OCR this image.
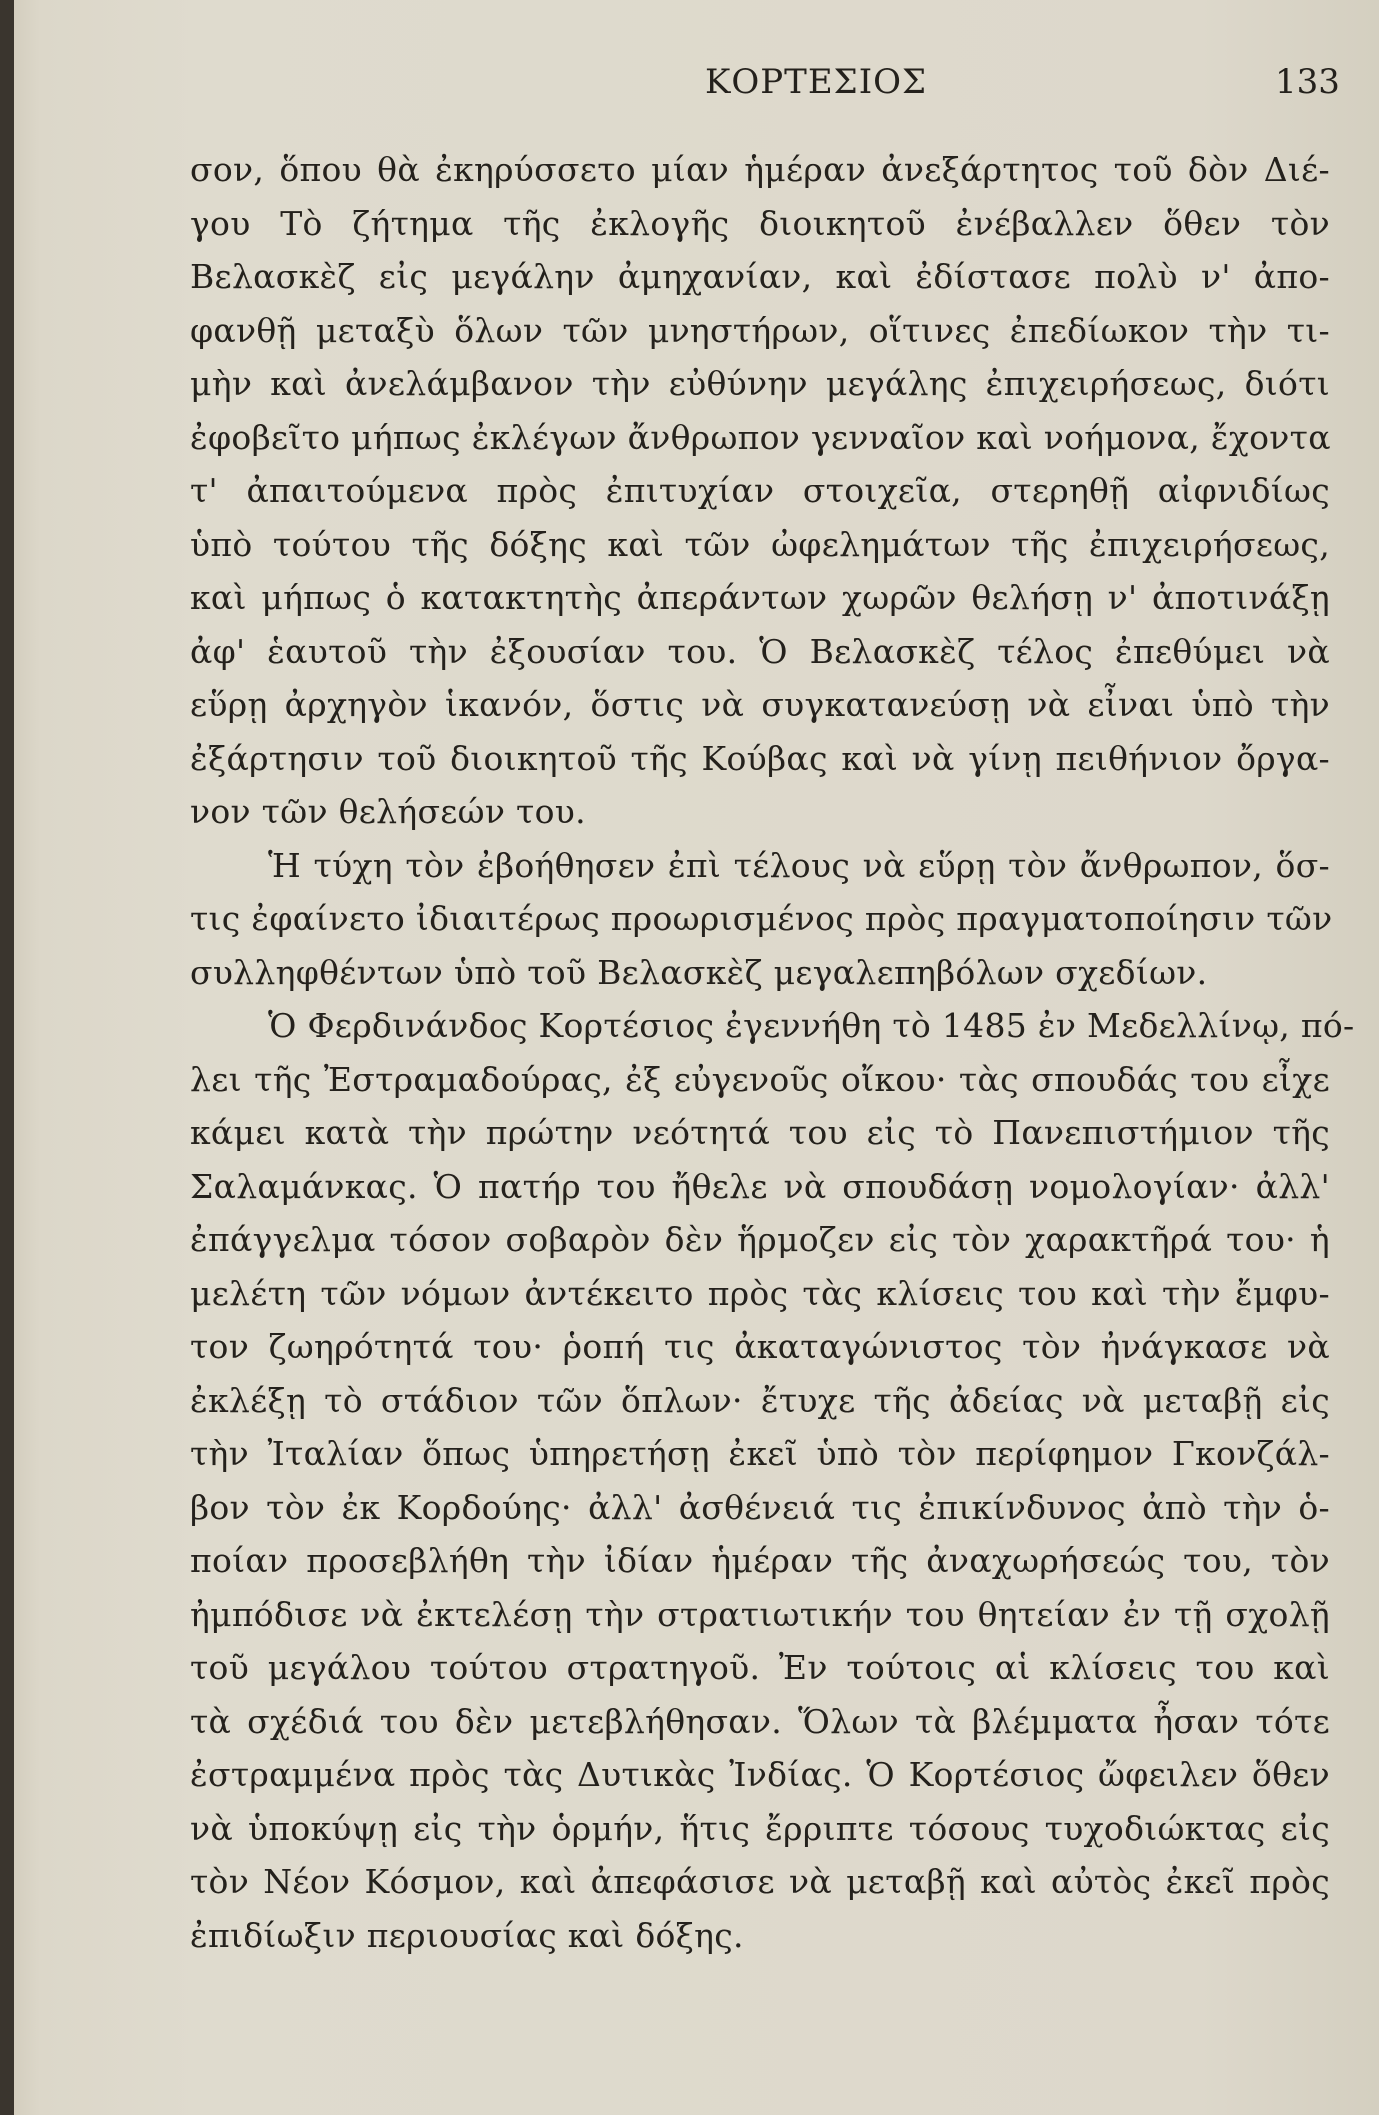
ΚΟΡΤΕΣΙΟΣ	133
σον, ὅπου θὰ ἐκηρύσσετο μίαν ἡμέραν ἀνεξάρτητος τοῦ δὸν Διέ-
γου Τὸ ζήτημα τῆς ἐκλογῆς διοικητοῦ ἐνέβαλλεν ὅθεν τὸν
Βελασκὲζ εἰς μεγάλην ἀμηχανίαν, καὶ ἐδίστασε πολὺ ν' ἀπο-
φανθῇ μεταξὺ ὅλων τῶν μνηστήρων, οἵτινες ἐπεδίωκον τὴν τι-
μὴν καὶ ἀνελάμβανον τὴν εὐθύνην μεγάλης ἐπιχειρήσεως, διότι
ἐφοβεῖτο μήπως ἐκλέγων ἄνθρωπον γενναῖον καὶ νοήμονα, ἔχοντα
τ' ἀπαιτούμενα πρὸς ἐπιτυχίαν στοιχεῖα, στερηθῇ αἰφνιδίως
ὑπὸ τούτου τῆς δόξης καὶ τῶν ὠφελημάτων τῆς ἐπιχειρήσεως,
καὶ μήπως ὁ κατακτητὴς ἀπεράντων χωρῶν θελήσῃ ν' ἀποτινάξῃ
ἀφ' ἑαυτοῦ τὴν ἐξουσίαν του. Ὁ Βελασκὲζ τέλος ἐπεθύμει νὰ
εὕρῃ ἀρχηγὸν ἱκανόν, ὅστις νὰ συγκατανεύσῃ νὰ εἶναι ὑπὸ τὴν
ἐξάρτησιν τοῦ διοικητοῦ τῆς Κούβας καὶ νὰ γίνῃ πειθήνιον ὄργα-
νον τῶν θελήσεών του.
Ἡ τύχη τὸν ἐβοήθησεν ἐπὶ τέλους νὰ εὕρῃ τὸν ἄνθρωπον, ὅσ-
τις ἐφαίνετο ἰδιαιτέρως προωρισμένος πρὸς πραγματοποίησιν τῶν
συλληφθέντων ὑπὸ τοῦ Βελασκὲζ μεγαλεπηβόλων σχεδίων.
Ὁ Φερδινάνδος Κορτέσιος ἐγεννήθη τὸ 1485 ἐν Μεδελλίνῳ, πό-
λει τῆς Ἐστραμαδούρας, ἐξ εὐγενοῦς οἴκου· τὰς σπουδάς του εἶχε
κάμει κατὰ τὴν πρώτην νεότητά του εἰς τὸ Πανεπιστήμιον τῆς
Σαλαμάνκας. Ὁ πατήρ του ἤθελε νὰ σπουδάσῃ νομολογίαν· ἀλλ'
ἐπάγγελμα τόσον σοβαρὸν δὲν ἥρμοζεν εἰς τὸν χαρακτῆρά του· ἡ
μελέτη τῶν νόμων ἀντέκειτο πρὸς τὰς κλίσεις του καὶ τὴν ἔμφυ-
τον ζωηρότητά του· ῥοπή τις ἀκαταγώνιστος τὸν ἠνάγκασε νὰ
ἐκλέξῃ τὸ στάδιον τῶν ὅπλων· ἔτυχε τῆς ἀδείας νὰ μεταβῇ εἰς
τὴν Ἰταλίαν ὅπως ὑπηρετήσῃ ἐκεῖ ὑπὸ τὸν περίφημον Γκονζάλ-
βον τὸν ἐκ Κορδούης· ἀλλ' ἀσθένειά τις ἐπικίνδυνος ἀπὸ τὴν ὁ-
ποίαν προσεβλήθη τὴν ἰδίαν ἡμέραν τῆς ἀναχωρήσεώς του, τὸν
ἠμπόδισε νὰ ἐκτελέσῃ τὴν στρατιωτικήν του θητείαν ἐν τῇ σχολῇ
τοῦ μεγάλου τούτου στρατηγοῦ. Ἐν τούτοις αἱ κλίσεις του καὶ
τὰ σχέδιά του δὲν μετεβλήθησαν. Ὅλων τὰ βλέμματα ἦσαν τότε
ἐστραμμένα πρὸς τὰς Δυτικὰς Ἰνδίας. Ὁ Κορτέσιος ὤφειλεν ὅθεν
νὰ ὑποκύψῃ εἰς τὴν ὁρμήν, ἥτις ἔρριπτε τόσους τυχοδιώκτας εἰς
τὸν Νέον Κόσμον, καὶ ἀπεφάσισε νὰ μεταβῇ καὶ αὐτὸς ἐκεῖ πρὸς
ἐπιδίωξιν περιουσίας καὶ δόξης.
